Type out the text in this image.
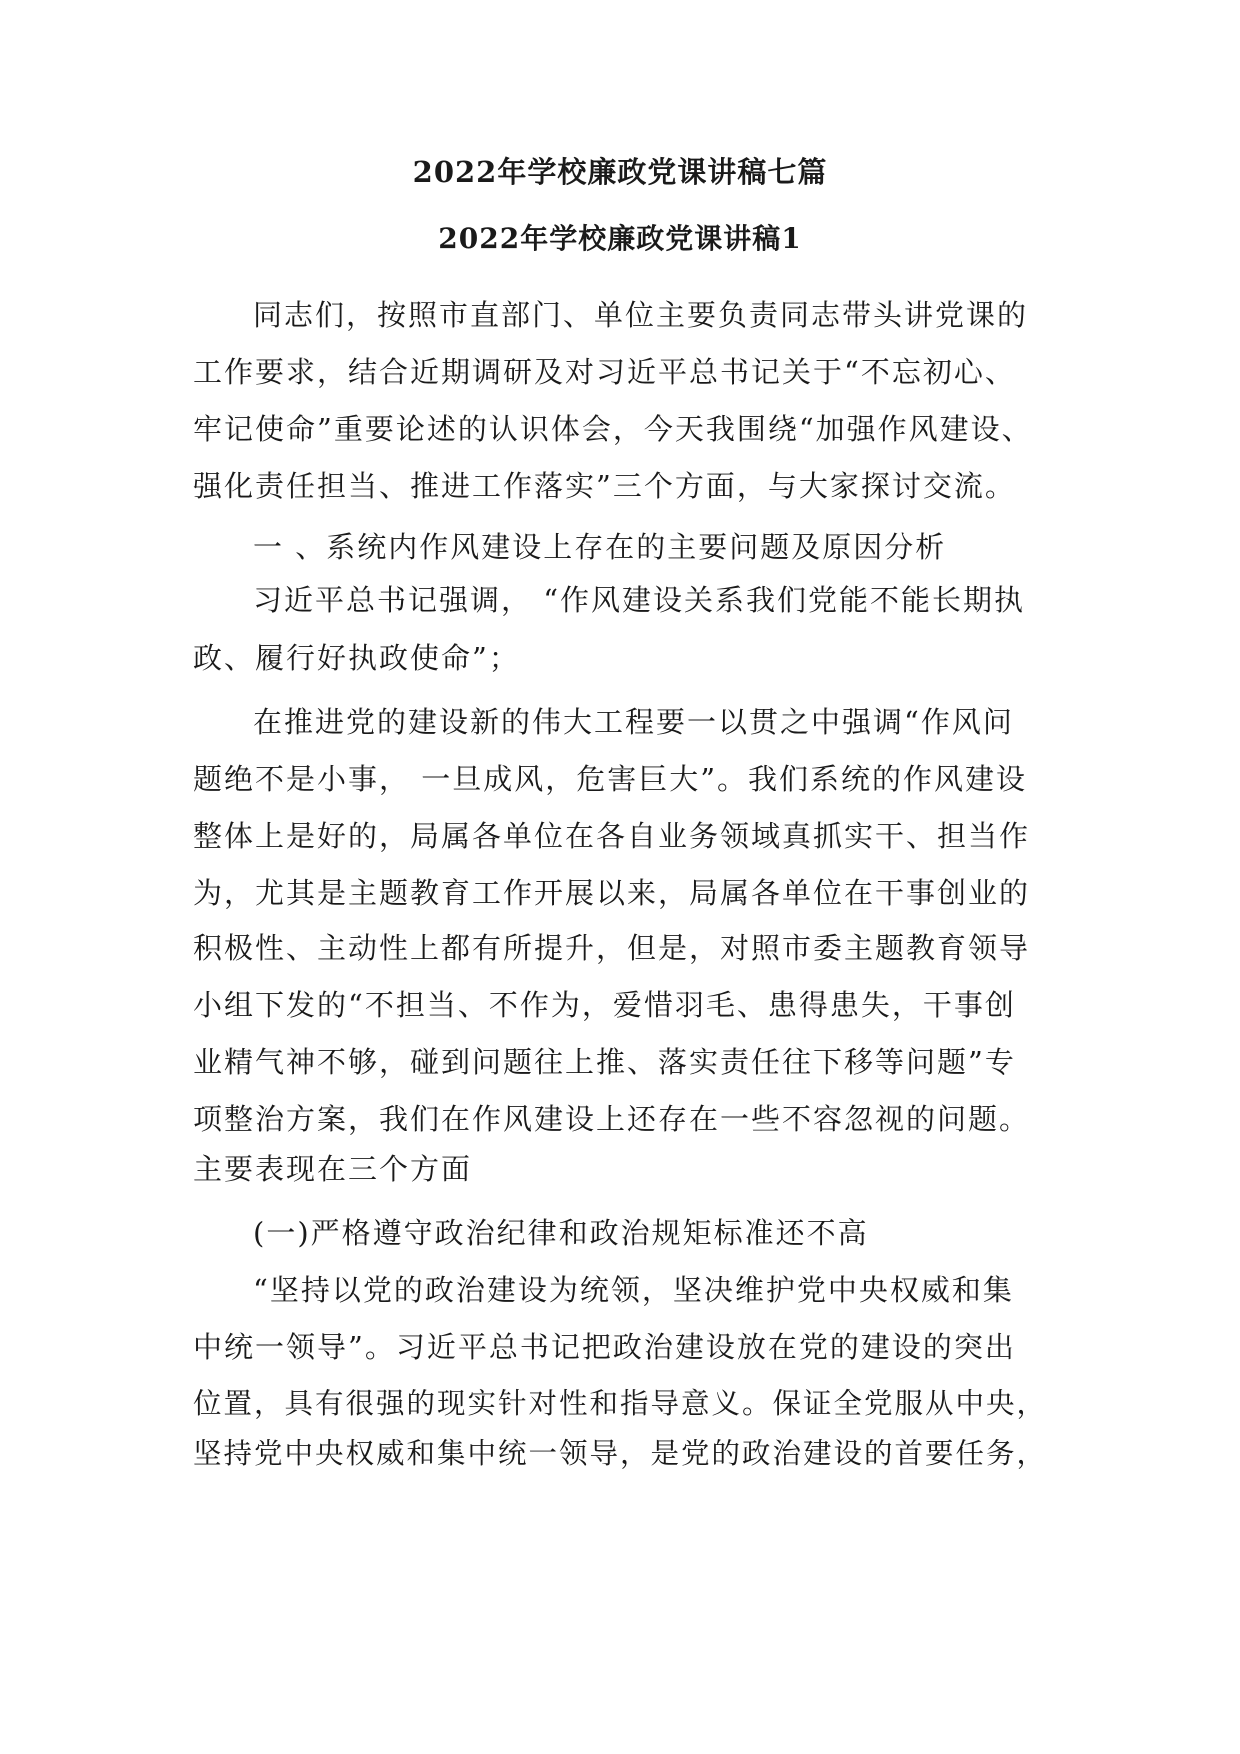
2022年学校廉政党课讲稿七篇
2022年学校廉政党课讲稿1

同志们，按照市直部门、单位主要负责同志带头讲党课的

工作要求，结合近期调研及对习近平总书记关于“不忘初心、

牢记使命”重要论述的认识体会，今天我围绕“加强作风建设、

强化责任担当、推进工作落实”三个方面，与大家探讨交流。

一 、系统内作风建设上存在的主要问题及原因分析

习近平总书记强调， “作风建设关系我们党能不能长期执

政、履行好执政使命”；

在推进党的建设新的伟大工程要一以贯之中强调“作风问

题绝不是小事， 一旦成风，危害巨大”。我们系统的作风建设

整体上是好的，局属各单位在各自业务领域真抓实干、担当作

为，尤其是主题教育工作开展以来，局属各单位在干事创业的

积极性、主动性上都有所提升，但是，对照市委主题教育领导

小组下发的“不担当、不作为，爱惜羽毛、患得患失，干事创

业精气神不够，碰到问题往上推、落实责任往下移等问题”专

项整治方案，我们在作风建设上还存在一些不容忽视的问题。

主要表现在三个方面

(一)严格遵守政治纪律和政治规矩标准还不高

“坚持以党的政治建设为统领，坚决维护党中央权威和集

中统一领导”。习近平总书记把政治建设放在党的建设的突出

位置，具有很强的现实针对性和指导意义。保证全党服从中央，

坚持党中央权威和集中统一领导，是党的政治建设的首要任务，
